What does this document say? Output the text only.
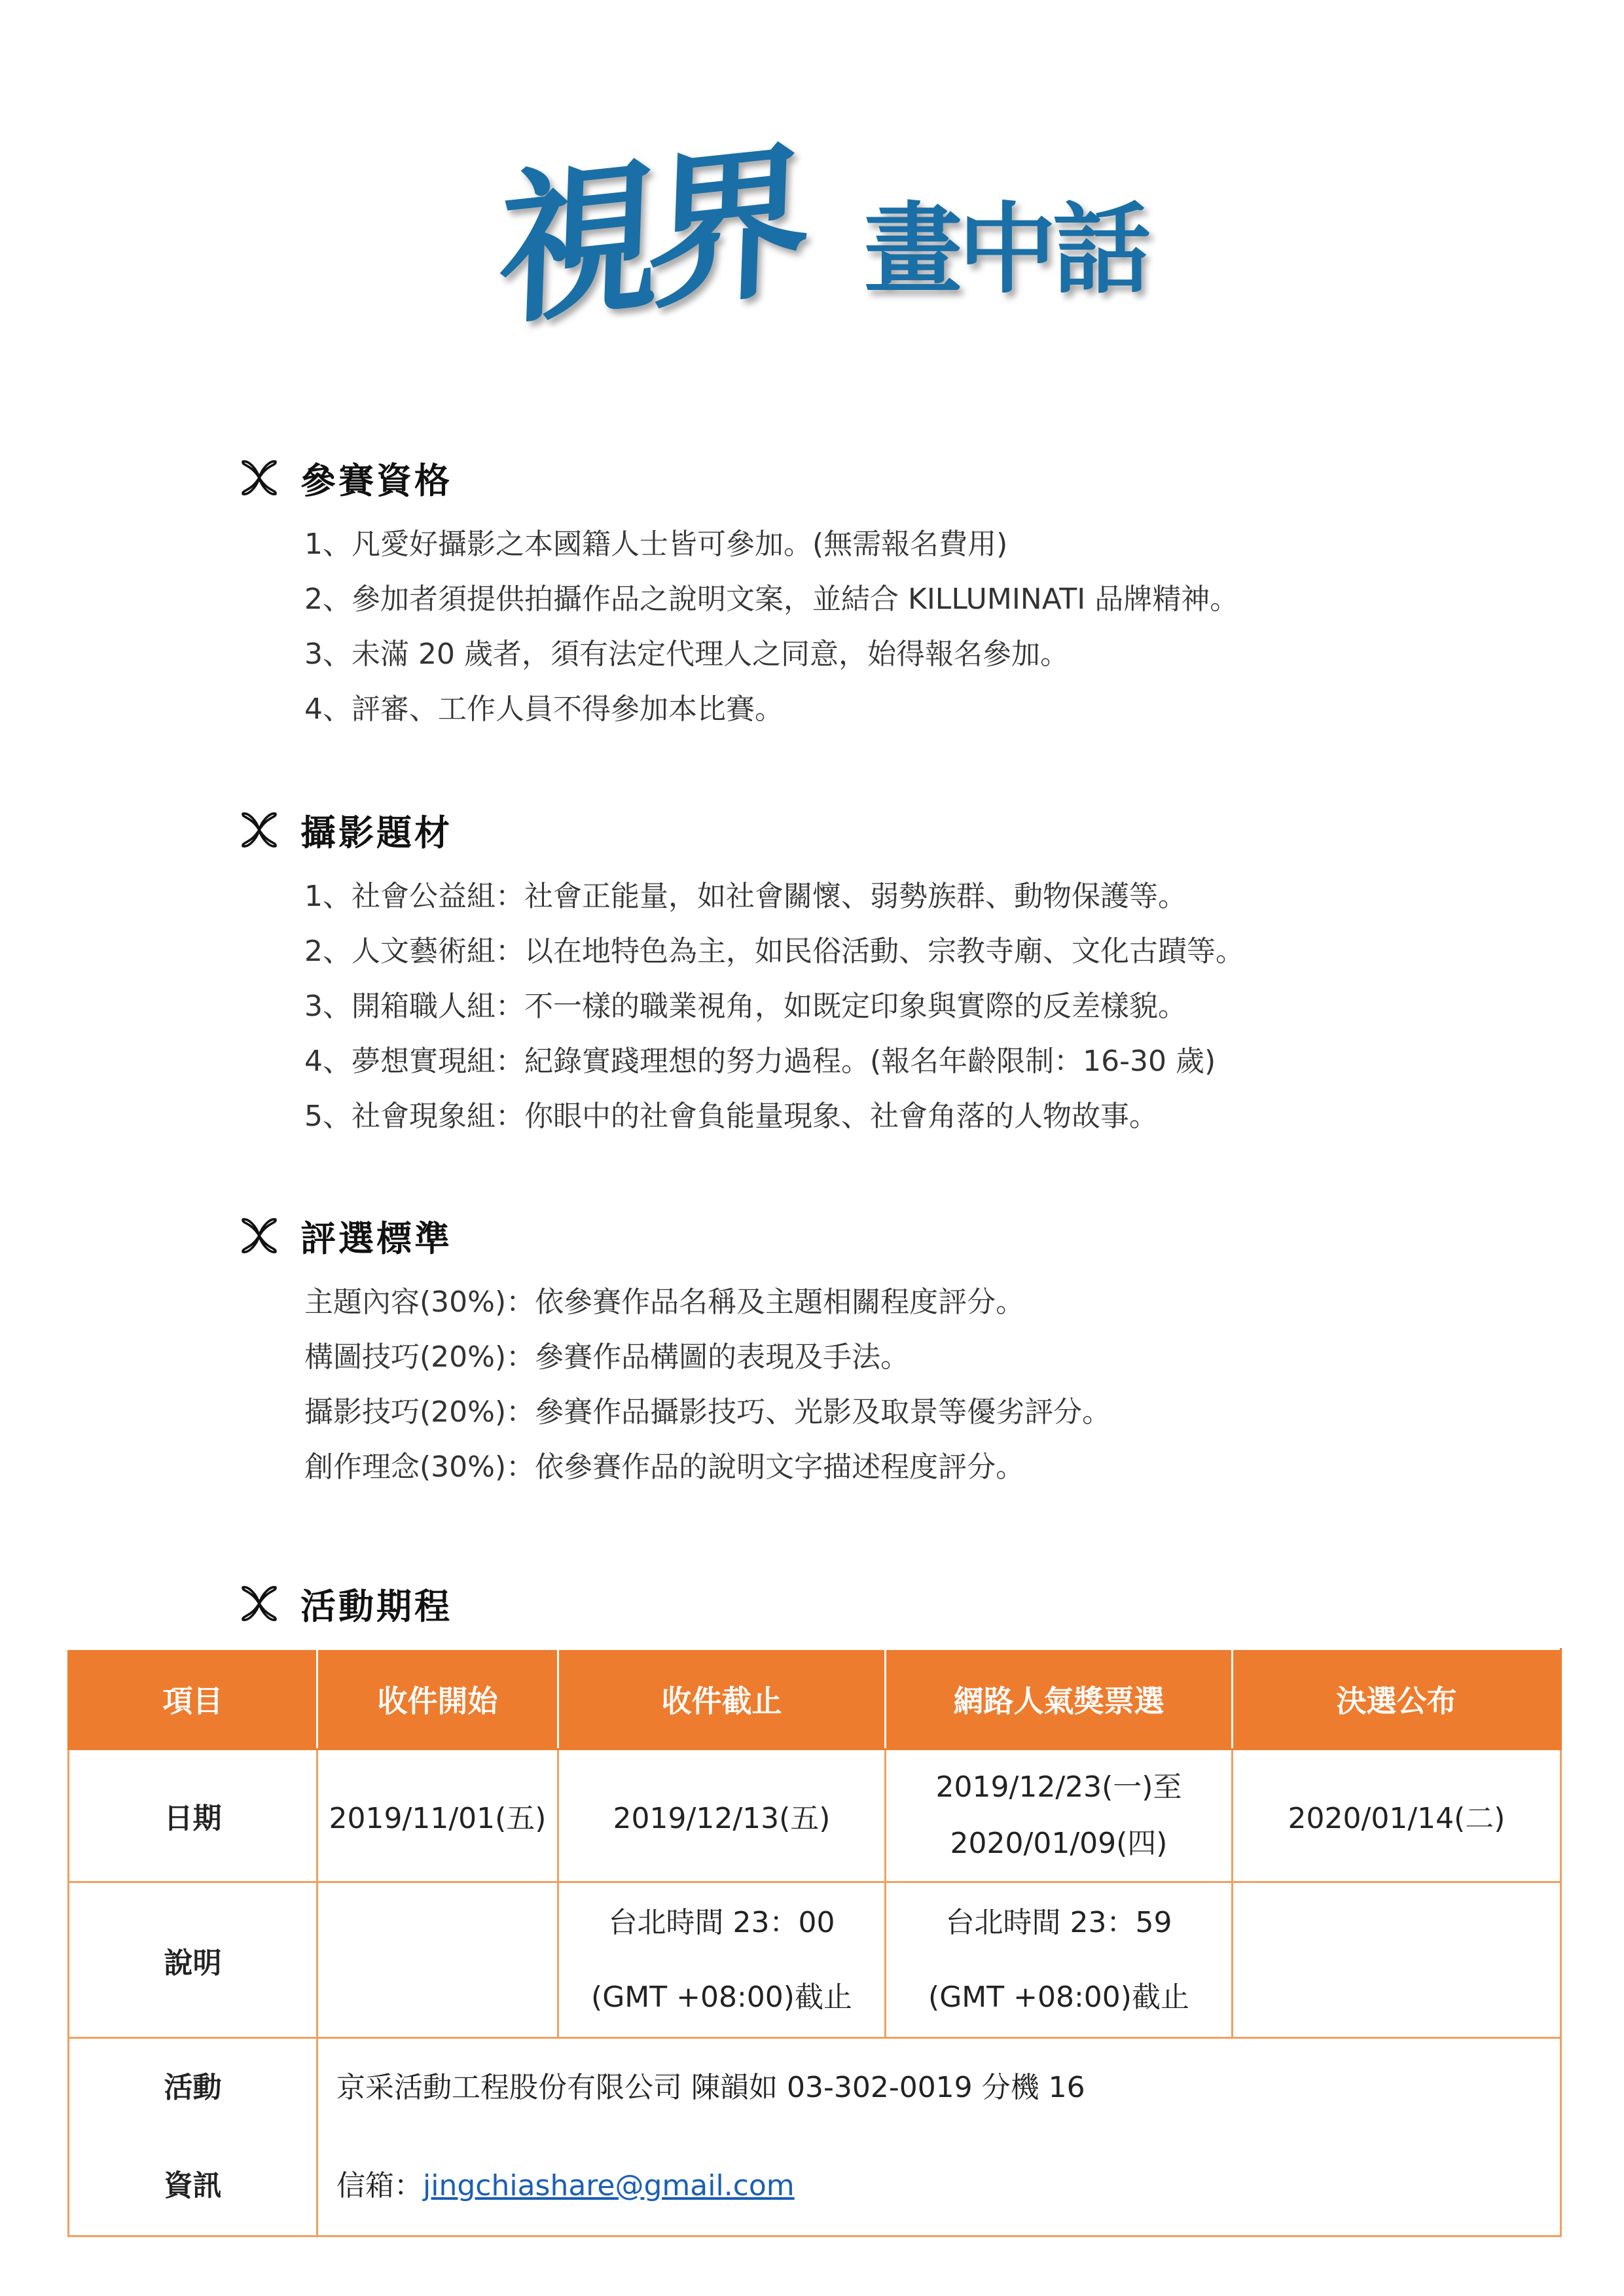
視界 畫中話
參賽資格
1、凡愛好攝影之本國籍人士皆可參加。(無需報名費用)
2、參加者須提供拍攝作品之說明文案，並結合 KILLUMINATI 品牌精神。
3、未滿 20 歲者，須有法定代理人之同意，始得報名參加。
4、評審、工作人員不得參加本比賽。
攝影題材
1、社會公益組：社會正能量，如社會關懷、弱勢族群、動物保護等。
2、人文藝術組：以在地特色為主，如民俗活動、宗教寺廟、文化古蹟等。
3、開箱職人組：不一樣的職業視角，如既定印象與實際的反差樣貌。
4、夢想實現組：紀錄實踐理想的努力過程。(報名年齡限制：16-30 歲)
5、社會現象組：你眼中的社會負能量現象、社會角落的人物故事。
評選標準
主題內容(30%)：依參賽作品名稱及主題相關程度評分。
構圖技巧(20%)：參賽作品構圖的表現及手法。
攝影技巧(20%)：參賽作品攝影技巧、光影及取景等優劣評分。
創作理念(30%)：依參賽作品的說明文字描述程度評分。
活動期程
項目	收件開始	收件截止	網路人氣獎票選	決選公布
日期	2019/11/01(五)	2019/12/13(五)	2019/12/23(一)至
2020/01/09(四)	2020/01/14(二)
說明		台北時間 23：00
(GMT +08:00)截止	台北時間 23：59
(GMT +08:00)截止	

活動
資訊	京采活動工程股份有限公司 陳韻如 03-302-0019 分機 16
信箱：jingchiashare@gmail.com			
